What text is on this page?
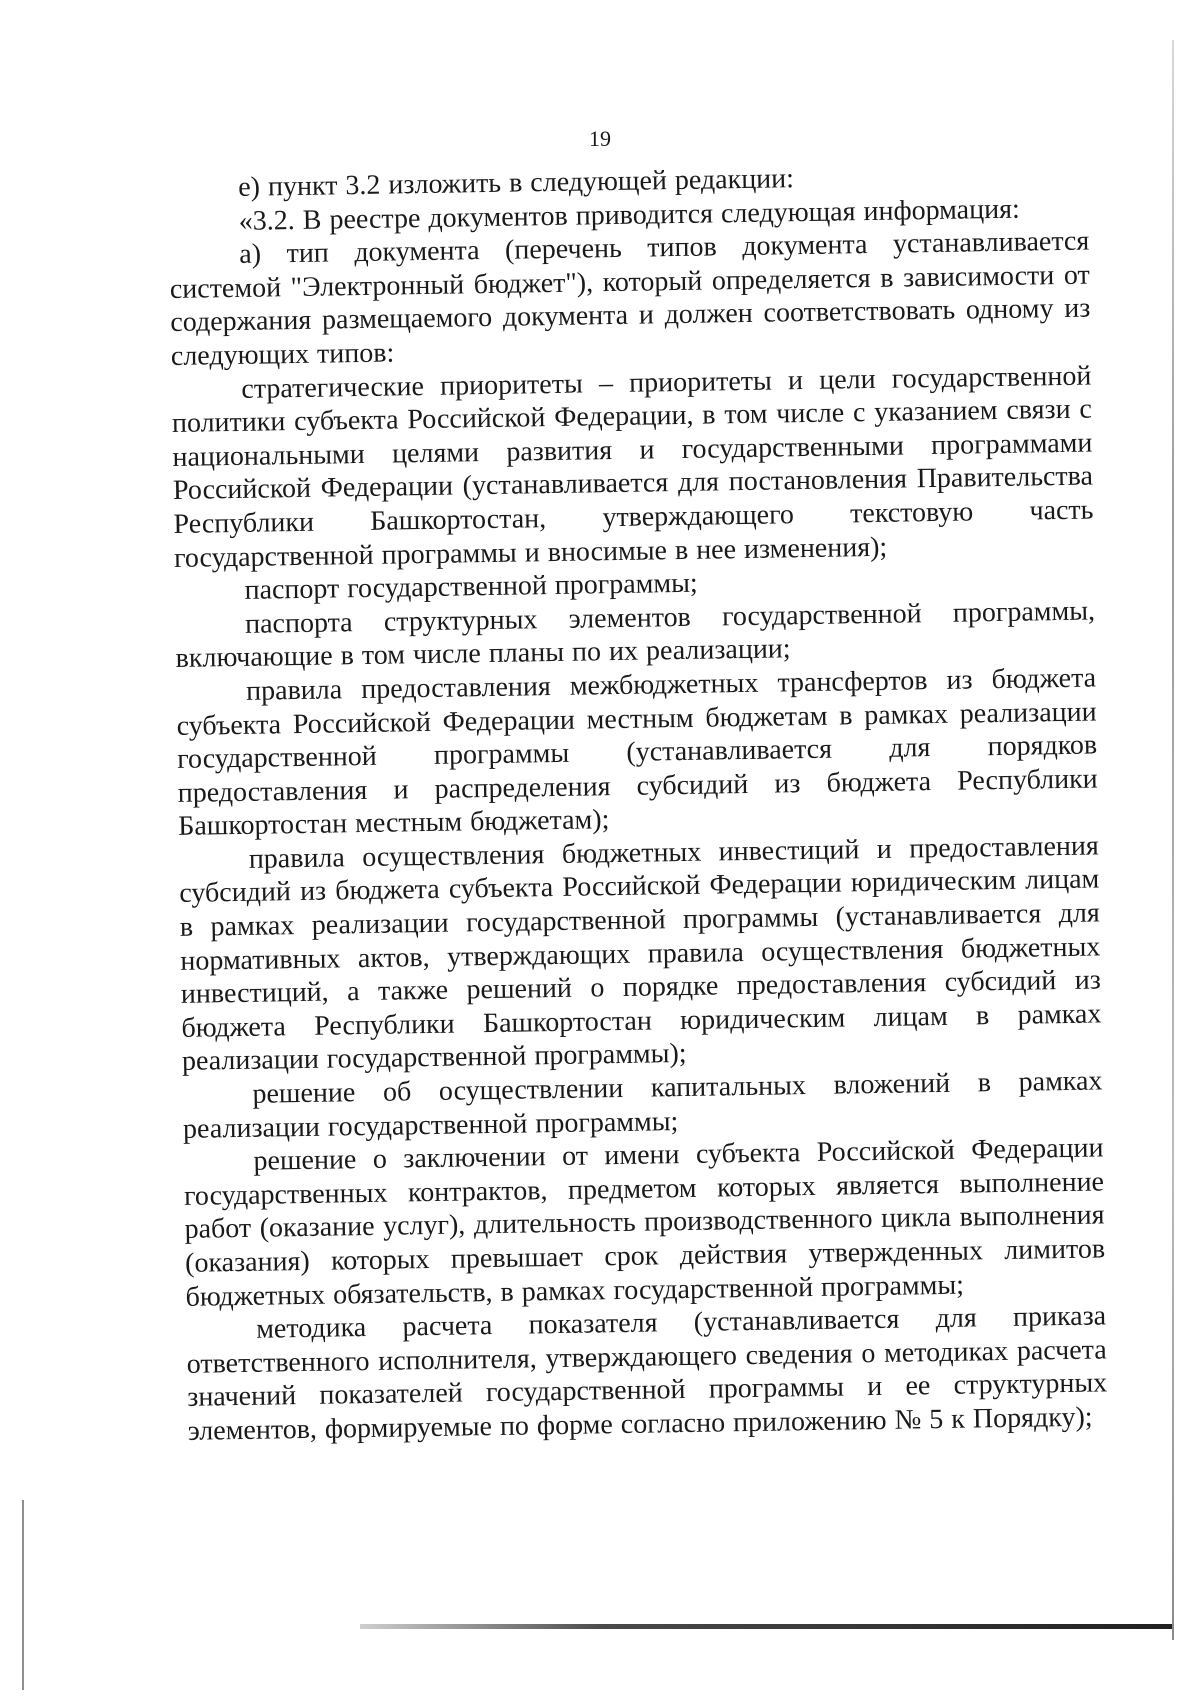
19

е) пункт 3.2 изложить в следующей редакции:

«3.2. В реестре документов приводится следующая информация:

а) тип документа (перечень типов документа устанавливается системой "Электронный бюджет"), который определяется в зависимости от содержания размещаемого документа и должен соответствовать одному из следующих типов:

стратегические приоритеты – приоритеты и цели государственной политики субъекта Российской Федерации, в том числе с указанием связи с национальными целями развития и государственными программами Российской Федерации (устанавливается для постановления Правительства Республики Башкортостан, утверждающего текстовую часть государственной программы и вносимые в нее изменения);

паспорт государственной программы;

паспорта структурных элементов государственной программы, включающие в том числе планы по их реализации;

правила предоставления межбюджетных трансфертов из бюджета субъекта Российской Федерации местным бюджетам в рамках реализации государственной программы (устанавливается для порядков предоставления и распределения субсидий из бюджета Республики Башкортостан местным бюджетам);

правила осуществления бюджетных инвестиций и предоставления субсидий из бюджета субъекта Российской Федерации юридическим лицам в рамках реализации государственной программы (устанавливается для нормативных актов, утверждающих правила осуществления бюджетных инвестиций, а также решений о порядке предоставления субсидий из бюджета Республики Башкортостан юридическим лицам в рамках реализации государственной программы);

решение об осуществлении капитальных вложений в рамках реализации государственной программы;

решение о заключении от имени субъекта Российской Федерации государственных контрактов, предметом которых является выполнение работ (оказание услуг), длительность производственного цикла выполнения (оказания) которых превышает срок действия утвержденных лимитов бюджетных обязательств, в рамках государственной программы;

методика расчета показателя (устанавливается для приказа ответственного исполнителя, утверждающего сведения о методиках расчета значений показателей государственной программы и ее структурных элементов, формируемые по форме согласно приложению № 5 к Порядку);
